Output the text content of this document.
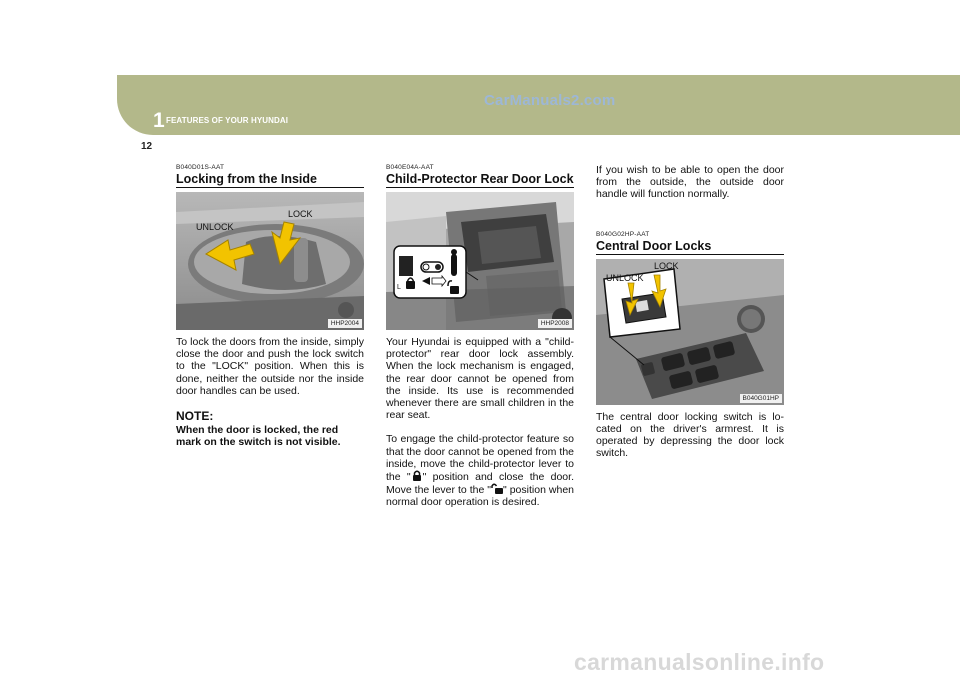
1 FEATURES OF YOUR HYUNDAI
12
CarManuals2.com
B040D01S-AAT
Locking from the Inside
UNLOCK
LOCK
HHP2004

To lock the doors from the inside, simply close the door and push the lock switch to the "LOCK" position. When this is done, neither the outside nor the inside door handles can be used.

NOTE:
When the door is locked, the red mark on the switch is not visible.
B040E04A-AAT
Child-Protector Rear Door Lock
L
HHP2008

Your Hyundai is equipped with a "child-protector" rear door lock assembly. When the lock mechanism is engaged, the rear door cannot be opened from the inside. Its use is recommended whenever there are small children in the rear seat.

To engage the child-protector feature so that the door cannot be opened from the inside, move the child-protector lever to the " " position and close the door. Move the lever to the " " position when normal door operation is desired.

If you wish to be able to open the door from the outside, the outside door handle will function normally.

B040G02HP-AAT
Central Door Locks
LOCK
UNLOCK
B040G01HP

The central door locking switch is lo-cated on the driver's armrest. It is operated by depressing the door lock switch.

carmanualsonline.info
